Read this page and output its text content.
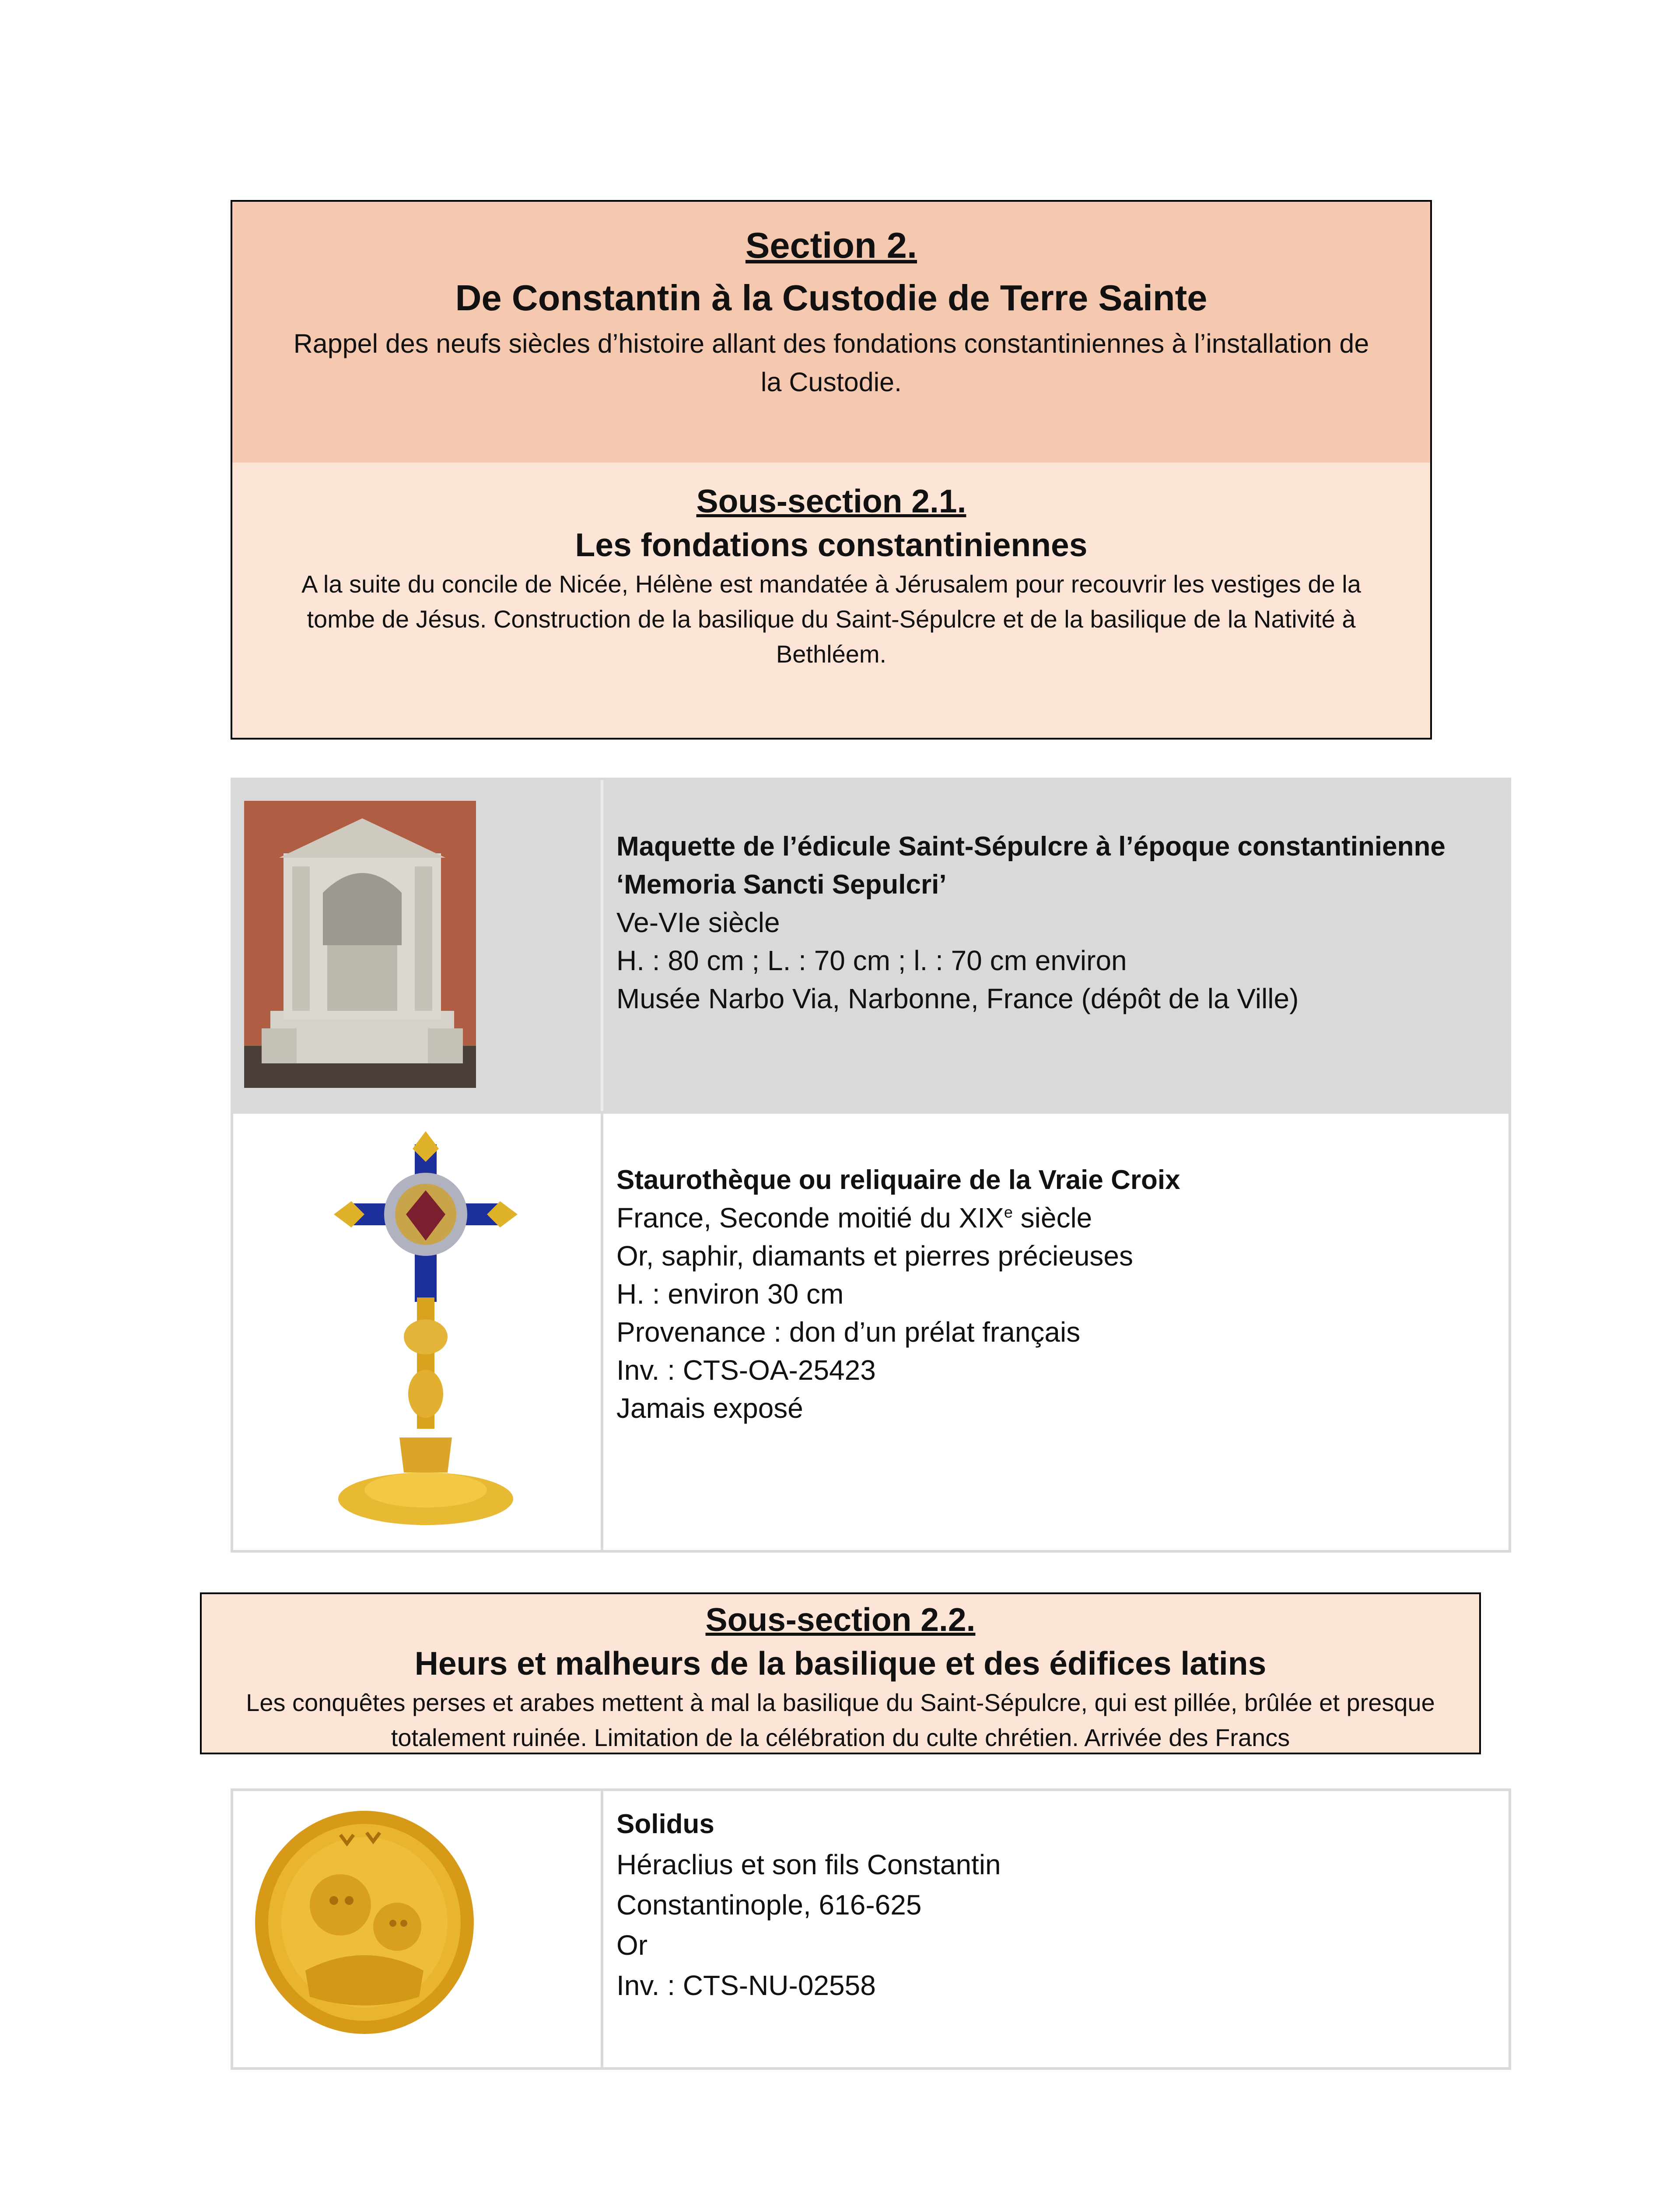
Section 2.
De Constantin à la Custodie de Terre Sainte
Rappel des neufs siècles d’histoire allant des fondations constantiniennes à l’installation de
la Custodie.
Sous-section 2.1.
Les fondations constantiniennes
A la suite du concile de Nicée, Hélène est mandatée à Jérusalem pour recouvrir les vestiges de la
tombe de Jésus. Construction de la basilique du Saint-Sépulcre et de la basilique de la Nativité à
Bethléem.
Maquette de l’édicule Saint-Sépulcre à l’époque constantinienne
‘Memoria Sancti Sepulcri’
Ve-VIe siècle
H. : 80 cm ; L. : 70 cm ; l. : 70 cm environ
Musée Narbo Via, Narbonne, France (dépôt de la Ville)
Staurothèque ou reliquaire de la Vraie Croix
France, Seconde moitié du XIXe siècle
Or, saphir, diamants et pierres précieuses
H. : environ 30 cm
Provenance : don d’un prélat français
Inv. : CTS-OA-25423
Jamais exposé
Sous-section 2.2.
Heurs et malheurs de la basilique et des édifices latins
Les conquêtes perses et arabes mettent à mal la basilique du Saint-Sépulcre, qui est pillée, brûlée et presque
totalement ruinée. Limitation de la célébration du culte chrétien. Arrivée des Francs
Solidus
Héraclius et son fils Constantin
Constantinople, 616-625
Or
Inv. : CTS-NU-02558
